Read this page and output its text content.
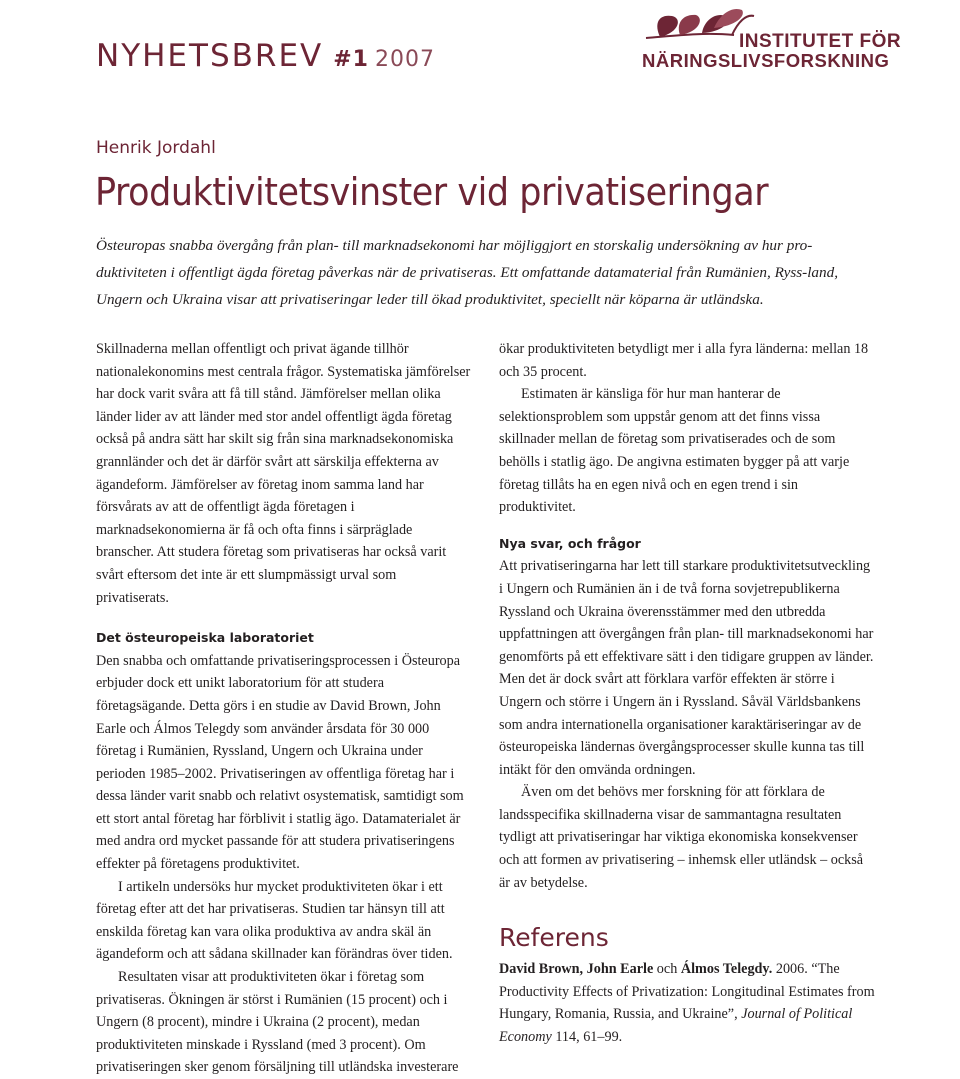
NYHETSBREV #1 2007
INSTITUTET FÖR
NÄRINGSLIVSFORSKNING
Henrik Jordahl
Produktivitetsvinster vid privatiseringar

Östeuropas snabba övergång från plan- till marknadsekonomi har möjliggjort en storskalig undersökning av hur pro-duktiviteten i offentligt ägda företag påverkas när de privatiseras. Ett omfattande datamaterial från Rumänien, Ryss-land, Ungern och Ukraina visar att privatiseringar leder till ökad produktivitet, speciellt när köparna är utländska.

Skillnaderna mellan offentligt och privat ägande tillhör nationalekonomins mest centrala frågor. Systematiska jämförelser har dock varit svåra att få till stånd. Jämförelser mellan olika länder lider av att länder med stor andel offentligt ägda företag också på andra sätt har skilt sig från sina marknadsekonomiska grannländer och det är därför svårt att särskilja effekterna av ägandeform. Jämförelser av företag inom samma land har försvårats av att de offentligt ägda företagen i marknadsekonomierna är få och ofta finns i särpräglade branscher. Att studera företag som privatiseras har också varit svårt eftersom det inte är ett slumpmässigt urval som privatiserats.

Det östeuropeiska laboratoriet

Den snabba och omfattande privatiseringsprocessen i Östeuropa erbjuder dock ett unikt laboratorium för att studera företagsägande. Detta görs i en studie av David Brown, John Earle och Álmos Telegdy som använder årsdata för 30 000 företag i Rumänien, Ryssland, Ungern och Ukraina under perioden 1985–2002. Privatiseringen av offentliga företag har i dessa länder varit snabb och relativt osystematisk, samtidigt som ett stort antal företag har förblivit i statlig ägo. Datamaterialet är med andra ord mycket passande för att studera privatiseringens effekter på företagens produktivitet.

I artikeln undersöks hur mycket produktiviteten ökar i ett företag efter att det har privatiseras. Studien tar hänsyn till att enskilda företag kan vara olika produktiva av andra skäl än ägandeform och att sådana skillnader kan förändras över tiden.

Resultaten visar att produktiviteten ökar i företag som privatiseras. Ökningen är störst i Rumänien (15 procent) och i Ungern (8 procent), mindre i Ukraina (2 procent), medan produktiviteten minskade i Ryssland (med 3 procent). Om privatiseringen sker genom försäljning till utländska investerare

ökar produktiviteten betydligt mer i alla fyra länderna: mellan 18 och 35 procent.

Estimaten är känsliga för hur man hanterar de selektionsproblem som uppstår genom att det finns vissa skillnader mellan de företag som privatiserades och de som behölls i statlig ägo. De angivna estimaten bygger på att varje företag tillåts ha en egen nivå och en egen trend i sin produktivitet.

Nya svar, och frågor

Att privatiseringarna har lett till starkare produktivitetsutveckling i Ungern och Rumänien än i de två forna sovjetrepublikerna Ryssland och Ukraina överensstämmer med den utbredda uppfattningen att övergången från plan- till marknadsekonomi har genomförts på ett effektivare sätt i den tidigare gruppen av länder. Men det är dock svårt att förklara varför effekten är större i Ungern och större i Ungern än i Ryssland. Såväl Världsbankens som andra internationella organisationer karaktäriseringar av de östeuropeiska ländernas övergångsprocesser skulle kunna tas till intäkt för den omvända ordningen.

Även om det behövs mer forskning för att förklara de landsspecifika skillnaderna visar de sammantagna resultaten tydligt att privatiseringar har viktiga ekonomiska konsekvenser och att formen av privatisering – inhemsk eller utländsk – också är av betydelse.

Referens

David Brown, John Earle och Álmos Telegdy. 2006. “The Productivity Effects of Privatization: Longitudinal Estimates from Hungary, Romania, Russia, and Ukraine”, Journal of Political Economy 114, 61–99.
